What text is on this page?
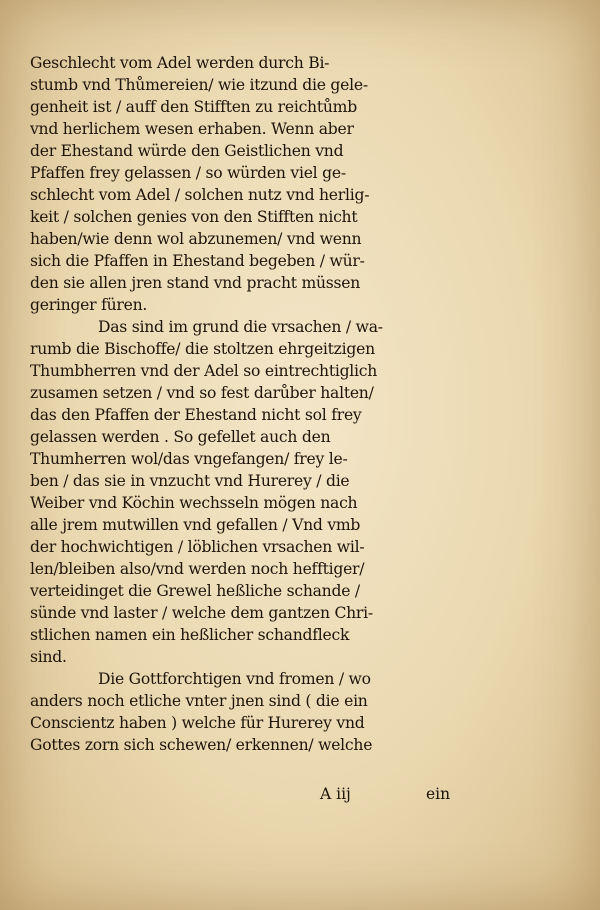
Geschlecht vom Adel werden durch Bi-
stumb vnd Thůmereien/ wie itzund die gele-
genheit ist / auff den Stifften zu reichtůmb
vnd herlichem wesen erhaben. Wenn aber
der Ehestand würde den Geistlichen vnd
Pfaffen frey gelassen / so würden viel ge-
schlecht vom Adel / solchen nutz vnd herlig-
keit / solchen genies von den Stifften nicht
haben/wie denn wol abzunemen/ vnd wenn
sich die Pfaffen in Ehestand begeben / wür-
den sie allen jren stand vnd pracht müssen
geringer füren.
Das sind im grund die vrsachen / wa-
rumb die Bischoffe/ die stoltzen ehrgeitzigen
Thumbherren vnd der Adel so eintrechtiglich
zusamen setzen / vnd so fest darůber halten/
das den Pfaffen der Ehestand nicht sol frey
gelassen werden . So gefellet auch den
Thumherren wol/das vngefangen/ frey le-
ben / das sie in vnzucht vnd Hurerey / die
Weiber vnd Köchin wechsseln mögen nach
alle jrem mutwillen vnd gefallen / Vnd vmb
der hochwichtigen / löblichen vrsachen wil-
len/bleiben also/vnd werden noch hefftiger/
verteidinget die Grewel heßliche schande /
sünde vnd laster / welche dem gantzen Chri-
stlichen namen ein heßlicher schandfleck
sind.
Die Gottforchtigen vnd fromen / wo
anders noch etliche vnter jnen sind ( die ein
Conscientz haben ) welche für Hurerey vnd
Gottes zorn sich schewen/ erkennen/ welche
A iij	ein
